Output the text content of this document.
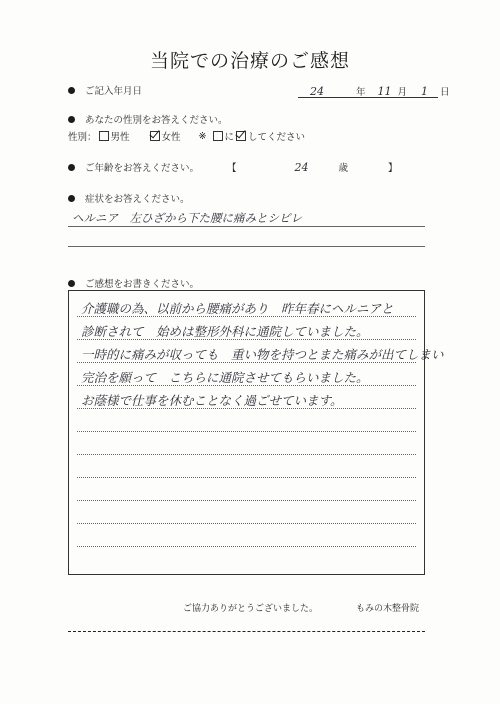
当院での治療のご感想
ご記入年月日	24	年 11 月 1 日
あなたの性別をお答えください。
性別： 男性	女性 ※ に してください
ご年齢をお答えください。	【	24	歳	】
症状をお答えください。
ヘルニア　左ひざから下た腰に痛みとシビレ
ご感想をお書きください。
介護職の為、以前から腰痛があり　昨年春にヘルニアと
診断されて　始めは整形外科に通院していました。
一時的に痛みが収っても　重い物を持つとまた痛みが出てしまい
完治を願って　こちらに通院させてもらいました。
お蔭様で仕事を休むことなく過ごせています。
ご協力ありがとうございました。	もみの木整骨院
